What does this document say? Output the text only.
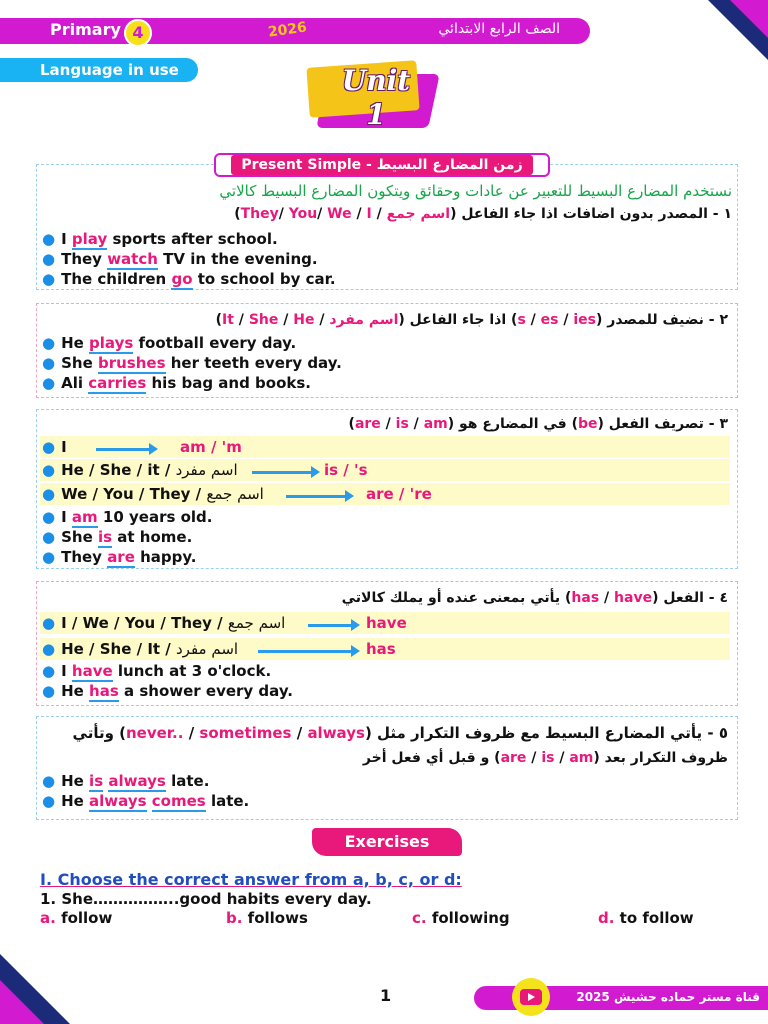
Primary 4	2026	الصف الرابع الابتدائي
Language in use	Unit
1
Present Simple - زمن المضارع البسيط
نستخدم المضارع البسيط للتعبير عن عادات وحقائق ويتكون المضارع البسيط كالاتي
١ - المصدر بدون اضافات اذا جاء الفاعل (اسم جمع / They/ You/ We / I)
● I play sports after school.
● They watch TV in the evening.
● The children go to school by car.
٢ - نضيف للمصدر (s / es / ies) اذا جاء الفاعل (اسم مفرد / It / She / He)
● He plays football every day.
● She brushes her teeth every day.
● Ali carries his bag and books.
٣ - تصريف الفعل (be) في المضارع هو (are / is / am)
● I	am / 'm
● He / She / it / اسم مفرد	is / 's
● We / You / They / اسم جمع	are / 're
● I am 10 years old.
● She is at home.
● They are happy.
٤ - الفعل (has / have) يأتي بمعنى عنده أو يملك كالاتي
● I / We / You / They / اسم جمع	have
● He / She / It / اسم مفرد	has
● I have lunch at 3 o'clock.
● He has a shower every day.
٥ - يأتي المضارع البسيط مع ظروف التكرار مثل (never.. / sometimes / always) وتأتي
ظروف التكرار بعد (are / is / am) و قبل أي فعل أخر
● He is always late.
● He always comes late.
Exercises
I. Choose the correct answer from a, b, c, or d:
1. She……………..good habits every day.
a. follow	b. follows	c. following	d. to follow
1	قناة مستر حماده حشيش 2025
